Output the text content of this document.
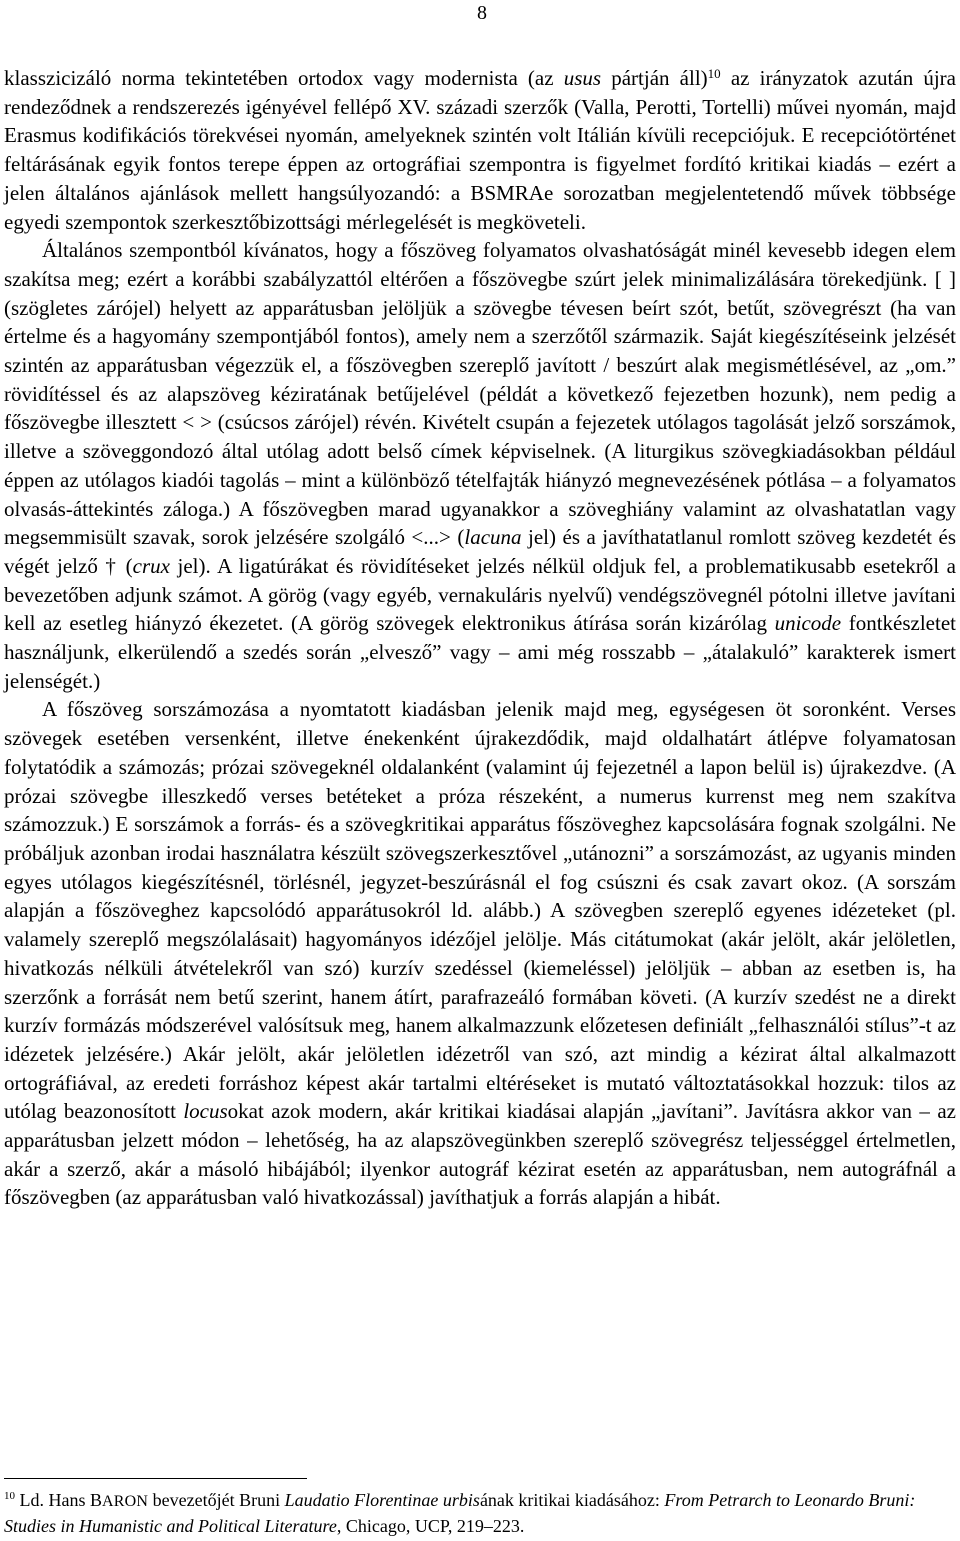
8

klasszicizáló norma tekintetében ortodox vagy modernista (az usus pártján áll)$^{10}$ az irányzatok azután újra rendeződnek a rendszerezés igényével fellépő XV. századi szerzők (Valla, Perotti, Tortelli) művei nyomán, majd Erasmus kodifikációs törekvései nyomán, amelyeknek szintén volt Itálián kívüli recepciójuk. E recepciótörténet feltárásának egyik fontos terepe éppen az ortográfiai szempontra is figyelmet fordító kritikai kiadás – ezért a jelen általános ajánlások mellett hangsúlyozandó: a BSMRAe sorozatban megjelentetendő művek többsége egyedi szempontok szerkesztőbizottsági mérlegelését is megköveteli.

Általános szempontból kívánatos, hogy a főszöveg folyamatos olvashatóságát minél kevesebb idegen elem szakítsa meg; ezért a korábbi szabályzattól eltérően a főszövegbe szúrt jelek minimalizálására törekedjünk. [ ] (szögletes zárójel) helyett az apparátusban jelöljük a szövegbe tévesen beírt szót, betűt, szövegrészt (ha van értelme és a hagyomány szempontjából fontos), amely nem a szerzőtől származik. Saját kiegészítéseink jelzését szintén az apparátusban végezzük el, a főszövegben szereplő javított / beszúrt alak megismétlésével, az „om.” rövidítéssel és az alapszöveg kéziratának betűjelével (példát a következő fejezetben hozunk), nem pedig a főszövegbe illesztett < > (csúcsos zárójel) révén. Kivételt csupán a fejezetek utólagos tagolását jelző sorszámok, illetve a szöveggondozó által utólag adott belső címek képviselnek. (A liturgikus szövegkiadásokban például éppen az utólagos kiadói tagolás – mint a különböző tételfajták hiányzó megnevezésének pótlása – a folyamatos olvasás-áttekintés záloga.) A főszövegben marad ugyanakkor a szöveghiány valamint az olvashatatlan vagy megsemmisült szavak, sorok jelzésére szolgáló <...> (lacuna jel) és a javíthatatlanul romlott szöveg kezdetét és végét jelző † (crux jel). A ligatúrákat és rövidítéseket jelzés nélkül oldjuk fel, a problematikusabb esetekről a bevezetőben adjunk számot. A görög (vagy egyéb, vernakuláris nyelvű) vendégszövegnél pótolni illetve javítani kell az esetleg hiányzó ékezetet. (A görög szövegek elektronikus átírása során kizárólag unicode fontkészletet használjunk, elkerülendő a szedés során „elvesző” vagy – ami még rosszabb – „átalakuló” karakterek ismert jelenségét.)

A főszöveg sorszámozása a nyomtatott kiadásban jelenik majd meg, egységesen öt soronként. Verses szövegek esetében versenként, illetve énekenként újrakezdődik, majd oldalhatárt átlépve folyamatosan folytatódik a számozás; prózai szövegeknél oldalanként (valamint új fejezetnél a lapon belül is) újrakezdve. (A prózai szövegbe illeszkedő verses betéteket a próza részeként, a numerus kurrenst meg nem szakítva számozzuk.) E sorszámok a forrás- és a szövegkritikai apparátus főszöveghez kapcsolására fognak szolgálni. Ne próbáljuk azonban irodai használatra készült szövegszerkesztővel „utánozni” a sorszámozást, az ugyanis minden egyes utólagos kiegészítésnél, törlésnél, jegyzet-beszúrásnál el fog csúszni és csak zavart okoz. (A sorszám alapján a főszöveghez kapcsolódó apparátusokról ld. alább.) A szövegben szereplő egyenes idézeteket (pl. valamely szereplő megszólalásait) hagyományos idézőjel jelölje. Más citátumokat (akár jelölt, akár jelöletlen, hivatkozás nélküli átvételekről van szó) kurzív szedéssel (kiemeléssel) jelöljük – abban az esetben is, ha szerzőnk a forrását nem betű szerint, hanem átírt, parafrazeáló formában követi. (A kurzív szedést ne a direkt kurzív formázás módszerével valósítsuk meg, hanem alkalmazzunk előzetesen definiált „felhasználói stílus”-t az idézetek jelzésére.) Akár jelölt, akár jelöletlen idézetről van szó, azt mindig a kézirat által alkalmazott ortográfiával, az eredeti forráshoz képest akár tartalmi eltéréseket is mutató változtatásokkal hozzuk: tilos az utólag beazonosított locusokat azok modern, akár kritikai kiadásai alapján „javítani”. Javításra akkor van – az apparátusban jelzett módon – lehetőség, ha az alapszövegünkben szereplő szövegrész teljességgel értelmetlen, akár a szerző, akár a másoló hibájából; ilyenkor autográf kézirat esetén az apparátusban, nem autográfnál a főszövegben (az apparátusban való hivatkozással) javíthatjuk a forrás alapján a hibát.

$^{10}$ Ld. Hans BARON bevezetőjét Bruni Laudatio Florentinae urbisának kritikai kiadásához: From Petrarch to Leonardo Bruni: Studies in Humanistic and Political Literature, Chicago, UCP, 219–223.
